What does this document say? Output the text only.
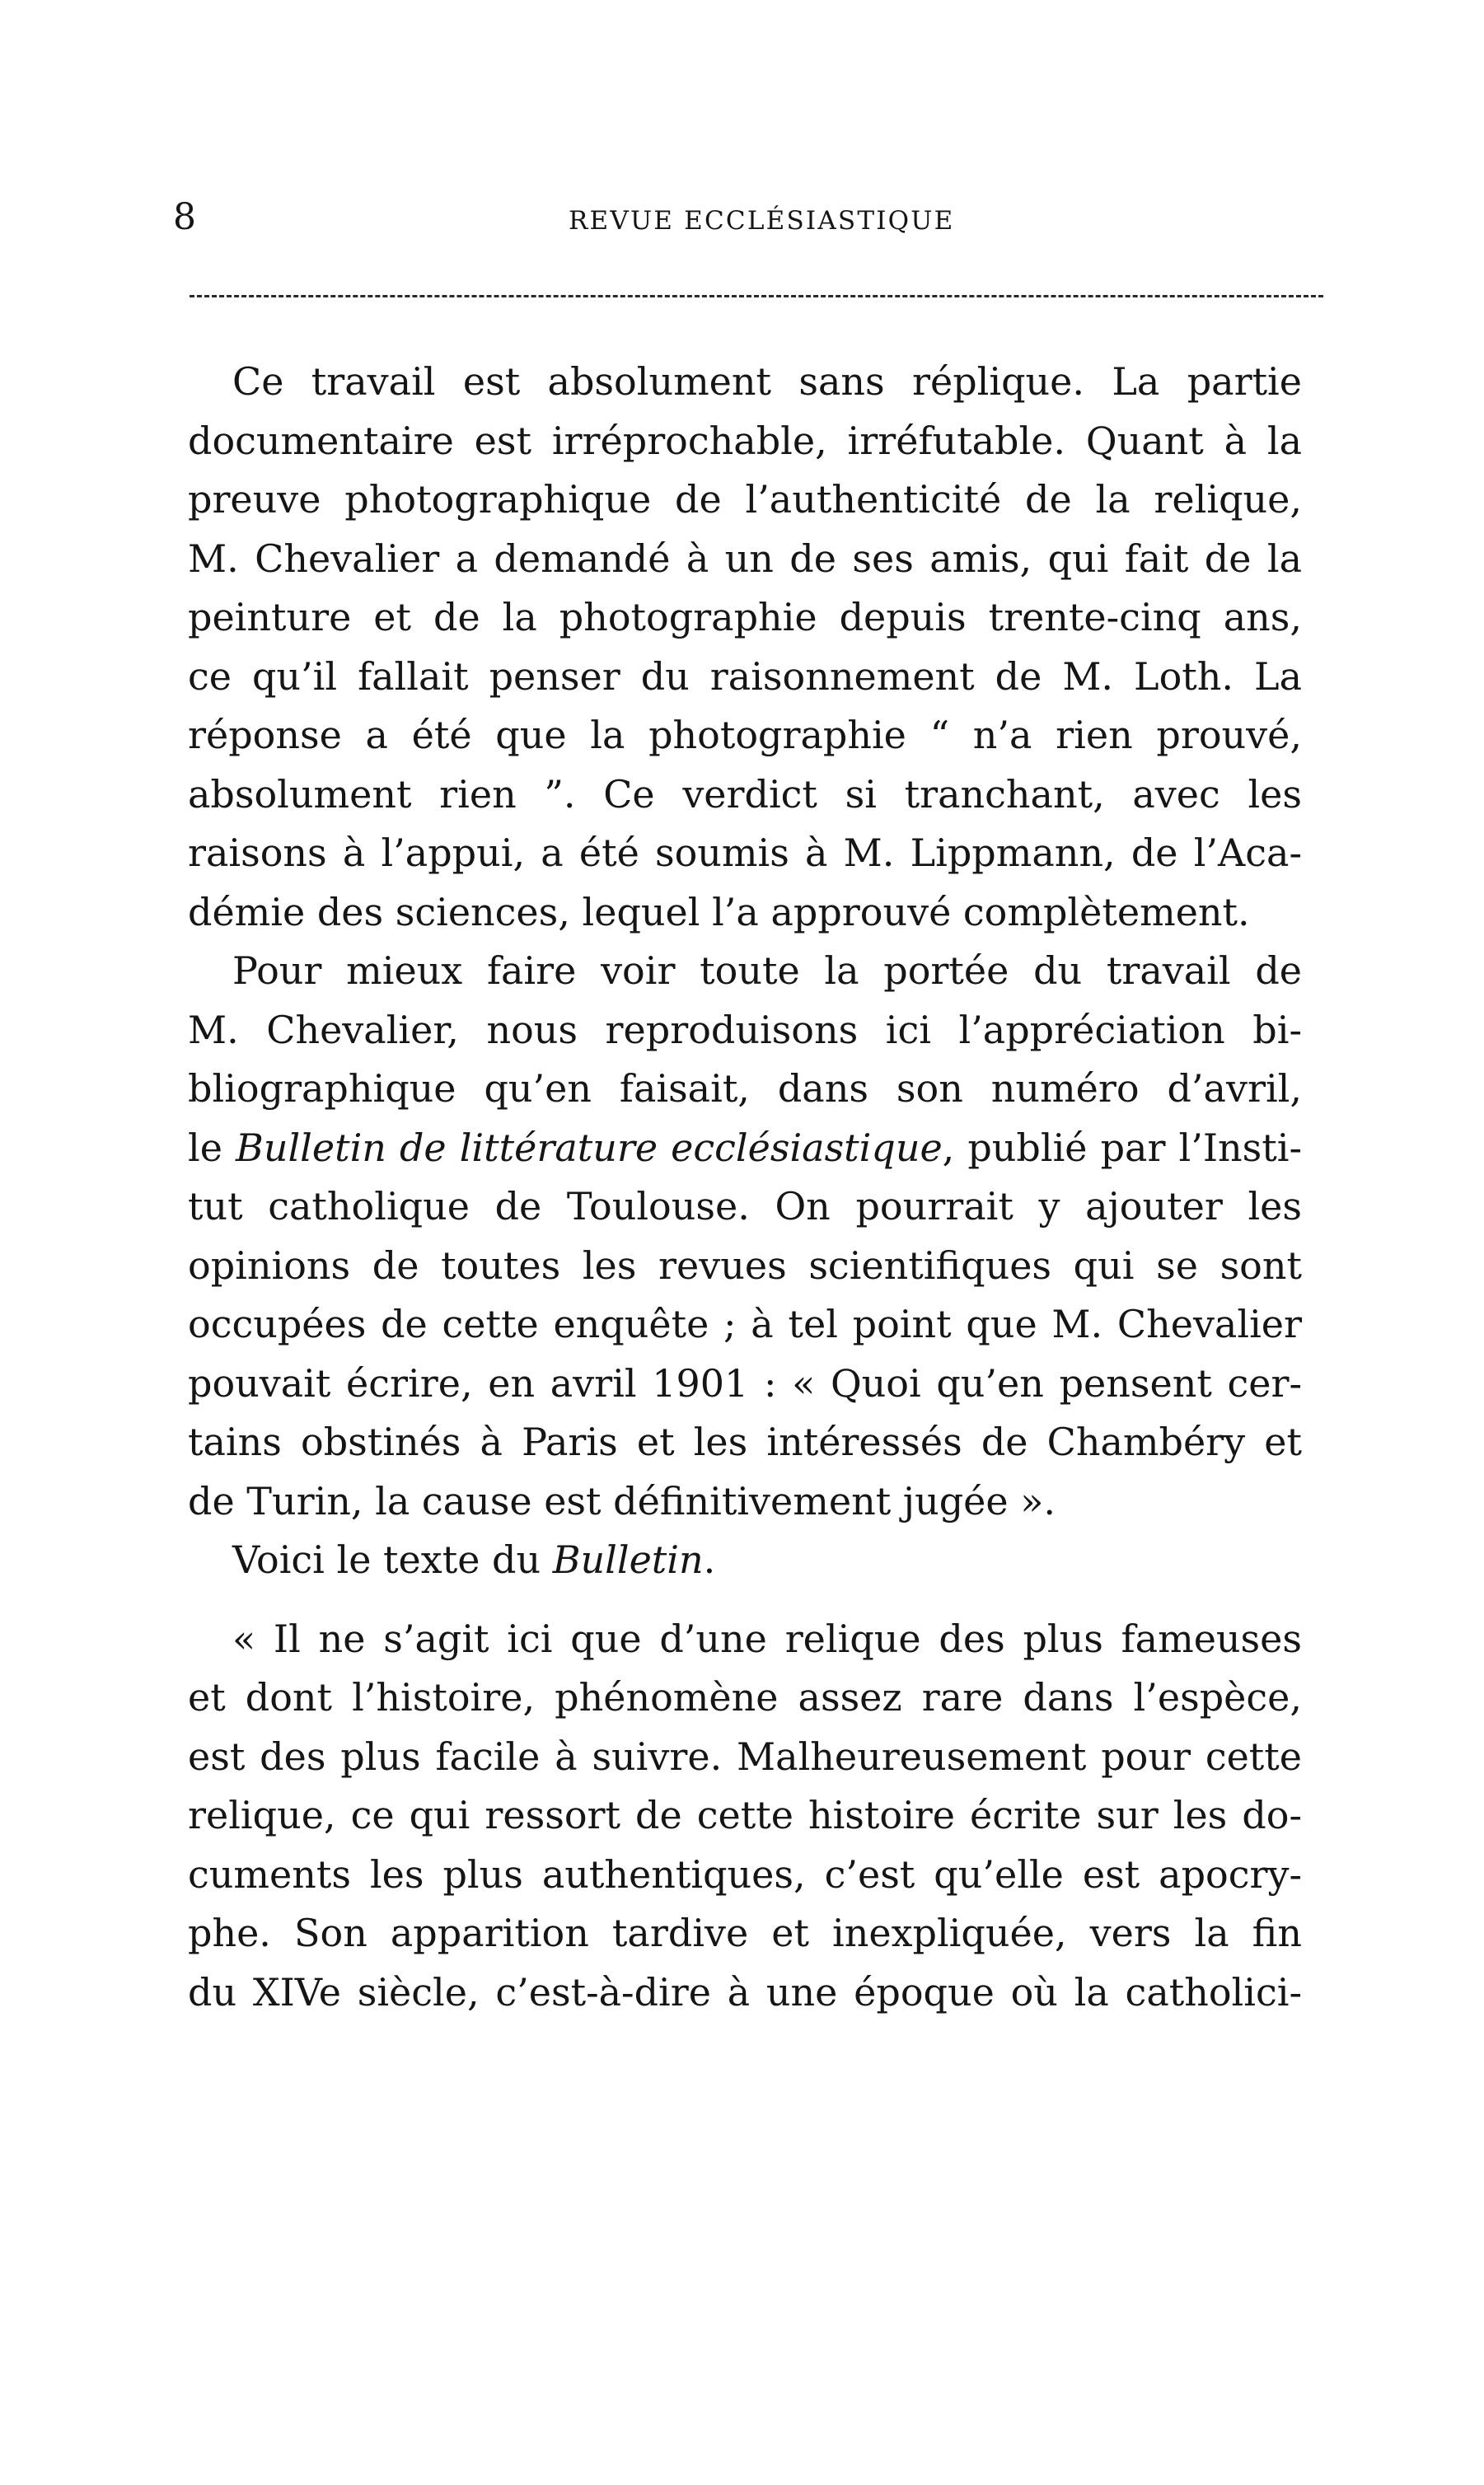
8	REVUE ECCLÉSIASTIQUE
Ce travail est absolument sans réplique. La partie
documentaire est irréprochable, irréfutable. Quant à la
preuve photographique de l’authenticité de la relique,
M. Chevalier a demandé à un de ses amis, qui fait de la
peinture et de la photographie depuis trente-cinq ans,
ce qu’il fallait penser du raisonnement de M. Loth. La
réponse a été que la photographie “ n’a rien prouvé,
absolument rien ”. Ce verdict si tranchant, avec les
raisons à l’appui, a été soumis à M. Lippmann, de l’Aca-
démie des sciences, lequel l’a approuvé complètement.
Pour mieux faire voir toute la portée du travail de
M. Chevalier, nous reproduisons ici l’appréciation bi-
bliographique qu’en faisait, dans son numéro d’avril,
le Bulletin de littérature ecclésiastique, publié par l’Insti-
tut catholique de Toulouse. On pourrait y ajouter les
opinions de toutes les revues scientifiques qui se sont
occupées de cette enquête ; à tel point que M. Chevalier
pouvait écrire, en avril 1901 : « Quoi qu’en pensent cer-
tains obstinés à Paris et les intéressés de Chambéry et
de Turin, la cause est définitivement jugée ».
Voici le texte du Bulletin.
« Il ne s’agit ici que d’une relique des plus fameuses
et dont l’histoire, phénomène assez rare dans l’espèce,
est des plus facile à suivre. Malheureusement pour cette
relique, ce qui ressort de cette histoire écrite sur les do-
cuments les plus authentiques, c’est qu’elle est apocry-
phe. Son apparition tardive et inexpliquée, vers la fin
du XIVe siècle, c’est-à-dire à une époque où la catholici-
